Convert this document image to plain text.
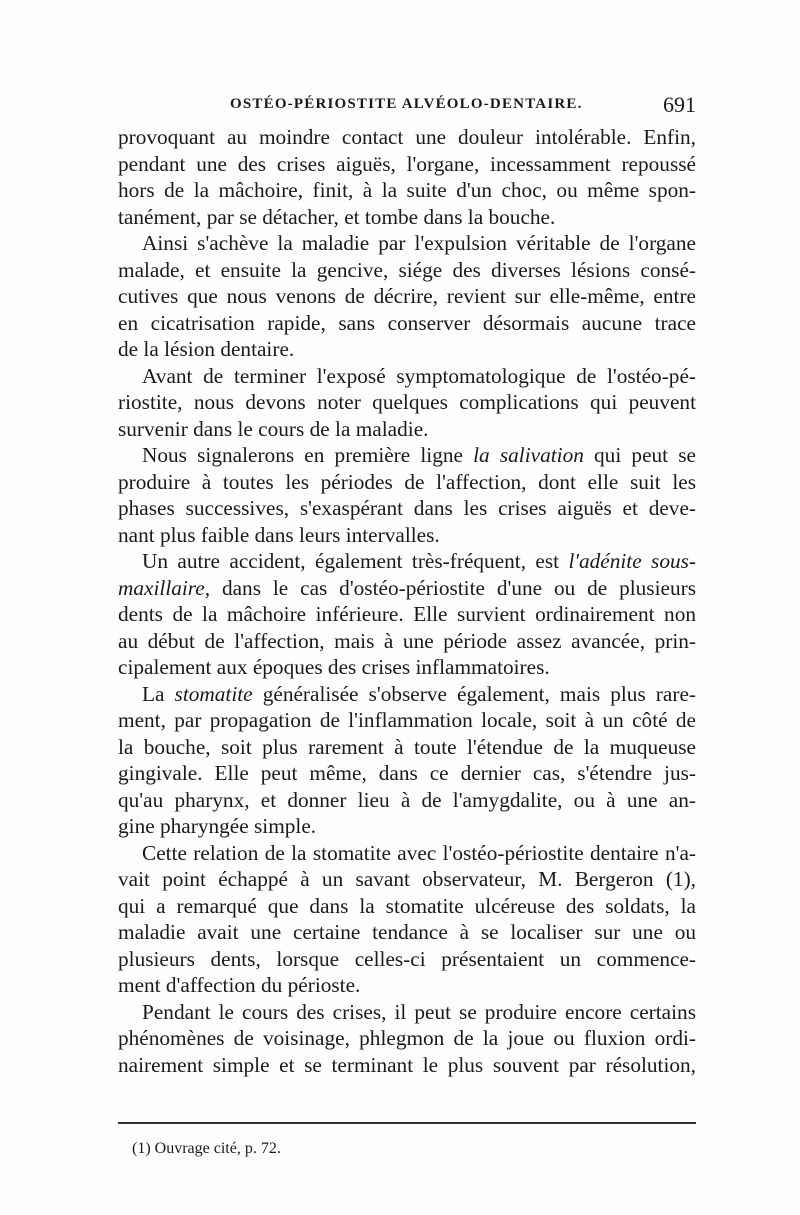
OSTÉO-PÉRIOSTITE ALVÉOLO-DENTAIRE.	691
provoquant au moindre contact une douleur intolérable. Enfin,
pendant une des crises aiguës, l'organe, incessamment repoussé
hors de la mâchoire, finit, à la suite d'un choc, ou même spon-
tanément, par se détacher, et tombe dans la bouche.
Ainsi s'achève la maladie par l'expulsion véritable de l'organe
malade, et ensuite la gencive, siége des diverses lésions consé-
cutives que nous venons de décrire, revient sur elle-même, entre
en cicatrisation rapide, sans conserver désormais aucune trace
de la lésion dentaire.
Avant de terminer l'exposé symptomatologique de l'ostéo-pé-
riostite, nous devons noter quelques complications qui peuvent
survenir dans le cours de la maladie.
Nous signalerons en première ligne la salivation qui peut se
produire à toutes les périodes de l'affection, dont elle suit les
phases successives, s'exaspérant dans les crises aiguës et deve-
nant plus faible dans leurs intervalles.
Un autre accident, également très-fréquent, est l'adénite sous-
maxillaire, dans le cas d'ostéo-périostite d'une ou de plusieurs
dents de la mâchoire inférieure. Elle survient ordinairement non
au début de l'affection, mais à une période assez avancée, prin-
cipalement aux époques des crises inflammatoires.
La stomatite généralisée s'observe également, mais plus rare-
ment, par propagation de l'inflammation locale, soit à un côté de
la bouche, soit plus rarement à toute l'étendue de la muqueuse
gingivale. Elle peut même, dans ce dernier cas, s'étendre jus-
qu'au pharynx, et donner lieu à de l'amygdalite, ou à une an-
gine pharyngée simple.
Cette relation de la stomatite avec l'ostéo-périostite dentaire n'a-
vait point échappé à un savant observateur, M. Bergeron (1),
qui a remarqué que dans la stomatite ulcéreuse des soldats, la
maladie avait une certaine tendance à se localiser sur une ou
plusieurs dents, lorsque celles-ci présentaient un commence-
ment d'affection du périoste.
Pendant le cours des crises, il peut se produire encore certains
phénomènes de voisinage, phlegmon de la joue ou fluxion ordi-
nairement simple et se terminant le plus souvent par résolution,
(1) Ouvrage cité, p. 72.
